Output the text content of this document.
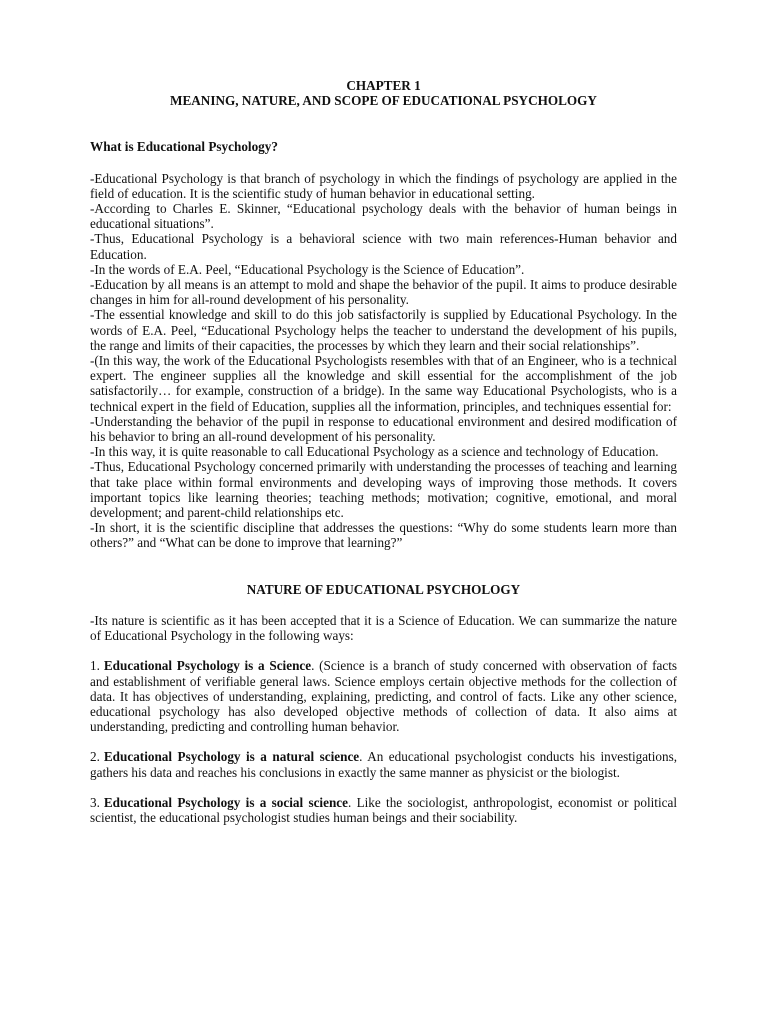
CHAPTER 1
MEANING, NATURE, AND SCOPE OF EDUCATIONAL PSYCHOLOGY

What is Educational Psychology?

-Educational Psychology is that branch of psychology in which the findings of psychology are applied in the field of education. It is the scientific study of human behavior in educational setting.

-According to Charles E. Skinner, “Educational psychology deals with the behavior of human beings in educational situations”.

-Thus, Educational Psychology is a behavioral science with two main references-Human behavior and Education.

-In the words of E.A. Peel, “Educational Psychology is the Science of Education”.

-Education by all means is an attempt to mold and shape the behavior of the pupil. It aims to produce desirable changes in him for all-round development of his personality.

-The essential knowledge and skill to do this job satisfactorily is supplied by Educational Psychology. In the words of E.A. Peel, “Educational Psychology helps the teacher to understand the development of his pupils, the range and limits of their capacities, the processes by which they learn and their social relationships”.

-(In this way, the work of the Educational Psychologists resembles with that of an Engineer, who is a technical expert. The engineer supplies all the knowledge and skill essential for the accomplishment of the job satisfactorily… for example, construction of a bridge). In the same way Educational Psychologists, who is a technical expert in the field of Education, supplies all the information, principles, and techniques essential for:

-Understanding the behavior of the pupil in response to educational environment and desired modification of his behavior to bring an all-round development of his personality.

-In this way, it is quite reasonable to call Educational Psychology as a science and technology of Education.

-Thus, Educational Psychology concerned primarily with understanding the processes of teaching and learning that take place within formal environments and developing ways of improving those methods. It covers important topics like learning theories; teaching methods; motivation; cognitive, emotional, and moral development; and parent-child relationships etc.

-In short, it is the scientific discipline that addresses the questions: “Why do some students learn more than others?” and “What can be done to improve that learning?”

NATURE OF EDUCATIONAL PSYCHOLOGY

-Its nature is scientific as it has been accepted that it is a Science of Education. We can summarize the nature of Educational Psychology in the following ways:

1. Educational Psychology is a Science. (Science is a branch of study concerned with observation of facts and establishment of verifiable general laws. Science employs certain objective methods for the collection of data. It has objectives of understanding, explaining, predicting, and control of facts. Like any other science, educational psychology has also developed objective methods of collection of data. It also aims at understanding, predicting and controlling human behavior.

2. Educational Psychology is a natural science. An educational psychologist conducts his investigations, gathers his data and reaches his conclusions in exactly the same manner as physicist or the biologist.

3. Educational Psychology is a social science. Like the sociologist, anthropologist, economist or political scientist, the educational psychologist studies human beings and their sociability.
